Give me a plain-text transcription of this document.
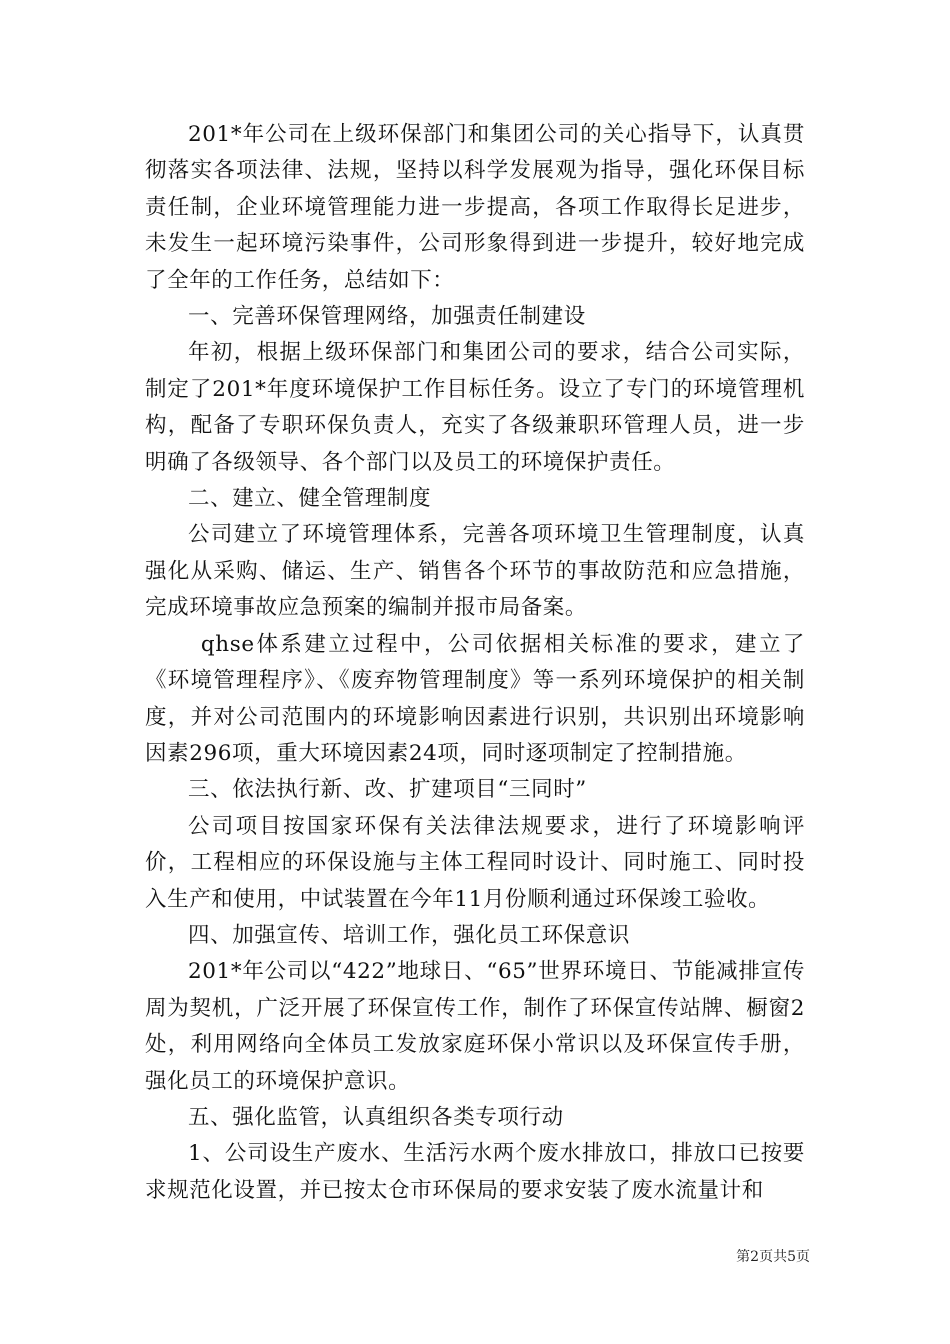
201*年公司在上级环保部门和集团公司的关心指导下，认真贯彻落实各项法律、法规，坚持以科学发展观为指导，强化环保目标责任制，企业环境管理能力进一步提高，各项工作取得长足进步，未发生一起环境污染事件，公司形象得到进一步提升，较好地完成了全年的工作任务，总结如下：

一、完善环保管理网络，加强责任制建设

年初，根据上级环保部门和集团公司的要求，结合公司实际，制定了201*年度环境保护工作目标任务。设立了专门的环境管理机构，配备了专职环保负责人，充实了各级兼职环管理人员，进一步明确了各级领导、各个部门以及员工的环境保护责任。

二、建立、健全管理制度

公司建立了环境管理体系，完善各项环境卫生管理制度，认真强化从采购、储运、生产、销售各个环节的事故防范和应急措施，完成环境事故应急预案的编制并报市局备案。

qhse体系建立过程中，公司依据相关标准的要求，建立了《环境管理程序》、《废弃物管理制度》等一系列环境保护的相关制度，并对公司范围内的环境影响因素进行识别，共识别出环境影响因素296项，重大环境因素24项，同时逐项制定了控制措施。

三、依法执行新、改、扩建项目“三同时”

公司项目按国家环保有关法律法规要求，进行了环境影响评价，工程相应的环保设施与主体工程同时设计、同时施工、同时投入生产和使用，中试装置在今年11月份顺利通过环保竣工验收。

四、加强宣传、培训工作，强化员工环保意识

201*年公司以“422”地球日、“65”世界环境日、节能减排宣传周为契机，广泛开展了环保宣传工作，制作了环保宣传站牌、橱窗2处，利用网络向全体员工发放家庭环保小常识以及环保宣传手册，强化员工的环境保护意识。

五、强化监管，认真组织各类专项行动

1、公司设生产废水、生活污水两个废水排放口，排放口已按要求规范化设置，并已按太仓市环保局的要求安装了废水流量计和

第2页共5页
